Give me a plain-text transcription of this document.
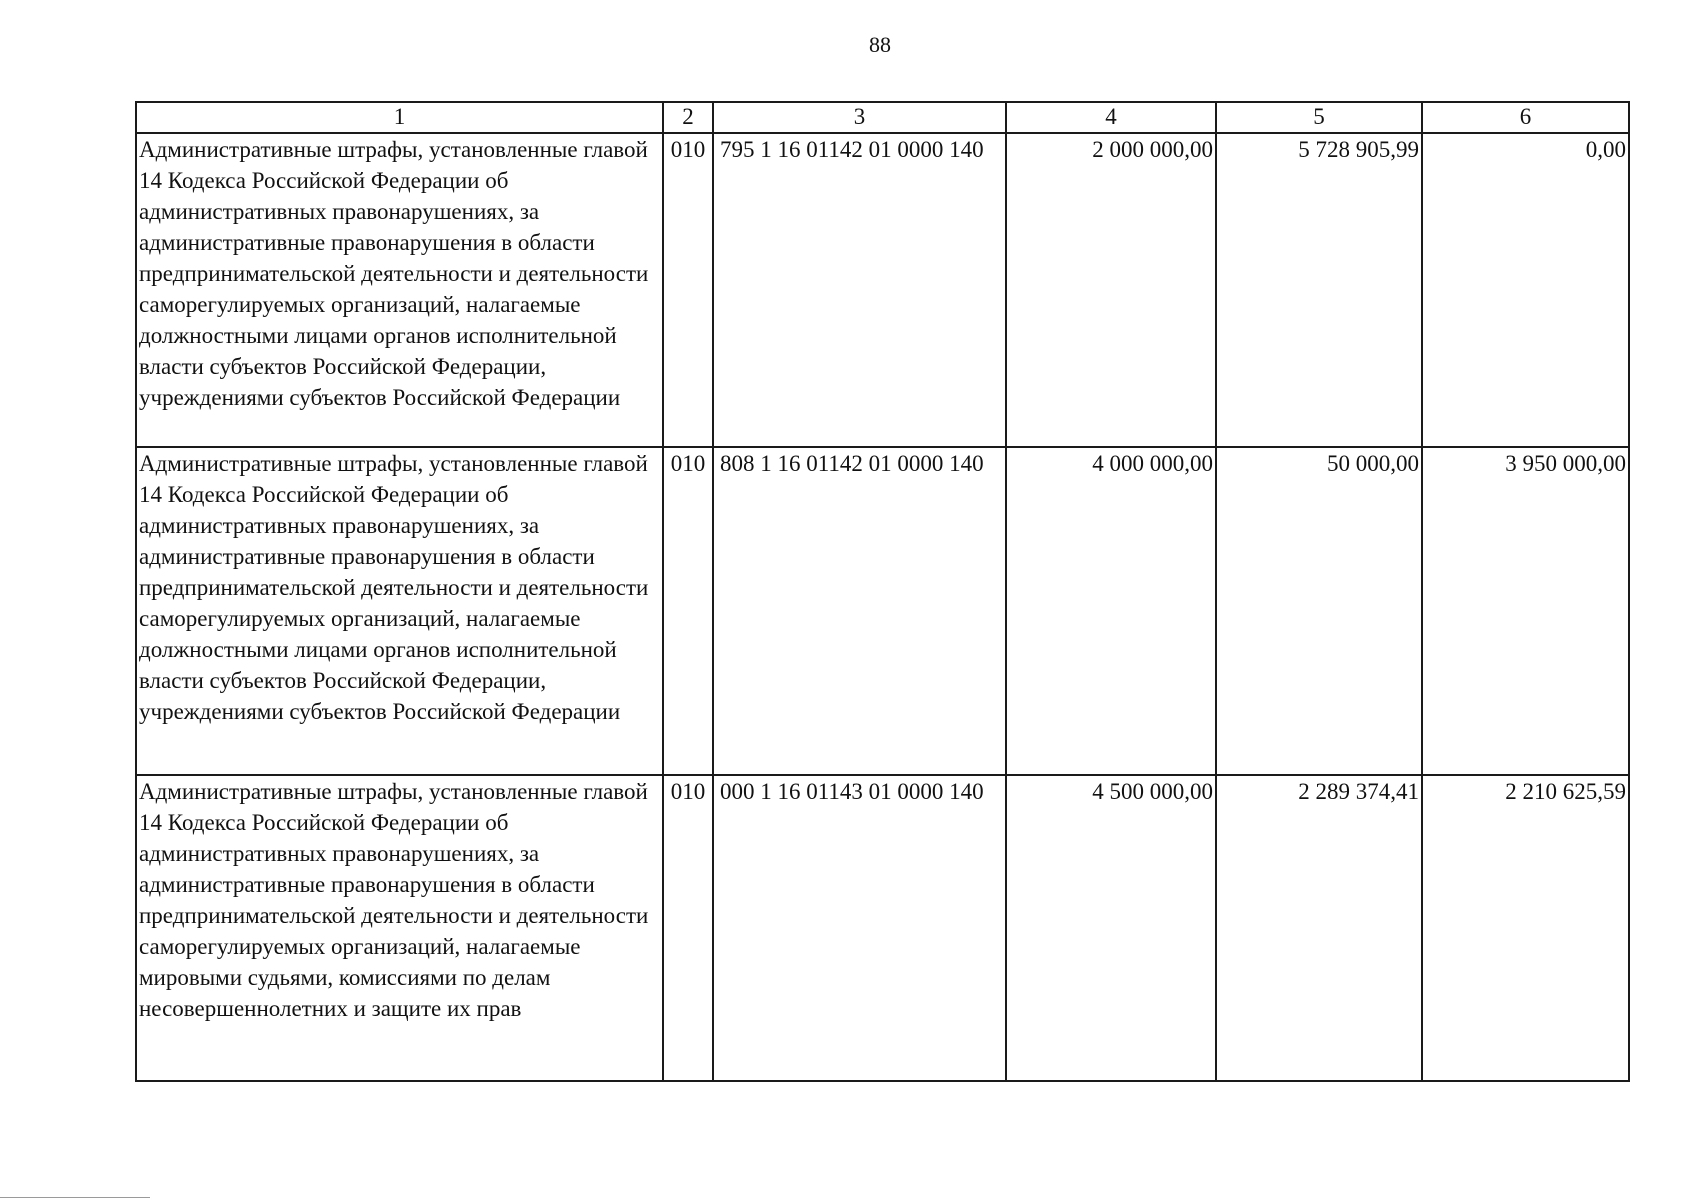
88
1	2	3	4	5	6
Административные штрафы, установленные главой 14 Кодекса Российской Федерации об административных правонарушениях, за административные правонарушения в области предпринимательской деятельности и деятельности саморегулируемых организаций, налагаемые должностными лицами органов исполнительной власти субъектов Российской Федерации, учреждениями субъектов Российской Федерации	010	795 1 16 01142 01 0000 140	2 000 000,00	5 728 905,99	0,00
Административные штрафы, установленные главой 14 Кодекса Российской Федерации об административных правонарушениях, за административные правонарушения в области предпринимательской деятельности и деятельности саморегулируемых организаций, налагаемые должностными лицами органов исполнительной власти субъектов Российской Федерации, учреждениями субъектов Российской Федерации	010	808 1 16 01142 01 0000 140	4 000 000,00	50 000,00	3 950 000,00
Административные штрафы, установленные главой 14 Кодекса Российской Федерации об административных правонарушениях, за административные правонарушения в области предпринимательской деятельности и деятельности саморегулируемых организаций, налагаемые мировыми судьями, комиссиями по делам несовершеннолетних и защите их прав	010	000 1 16 01143 01 0000 140	4 500 000,00	2 289 374,41	2 210 625,59
